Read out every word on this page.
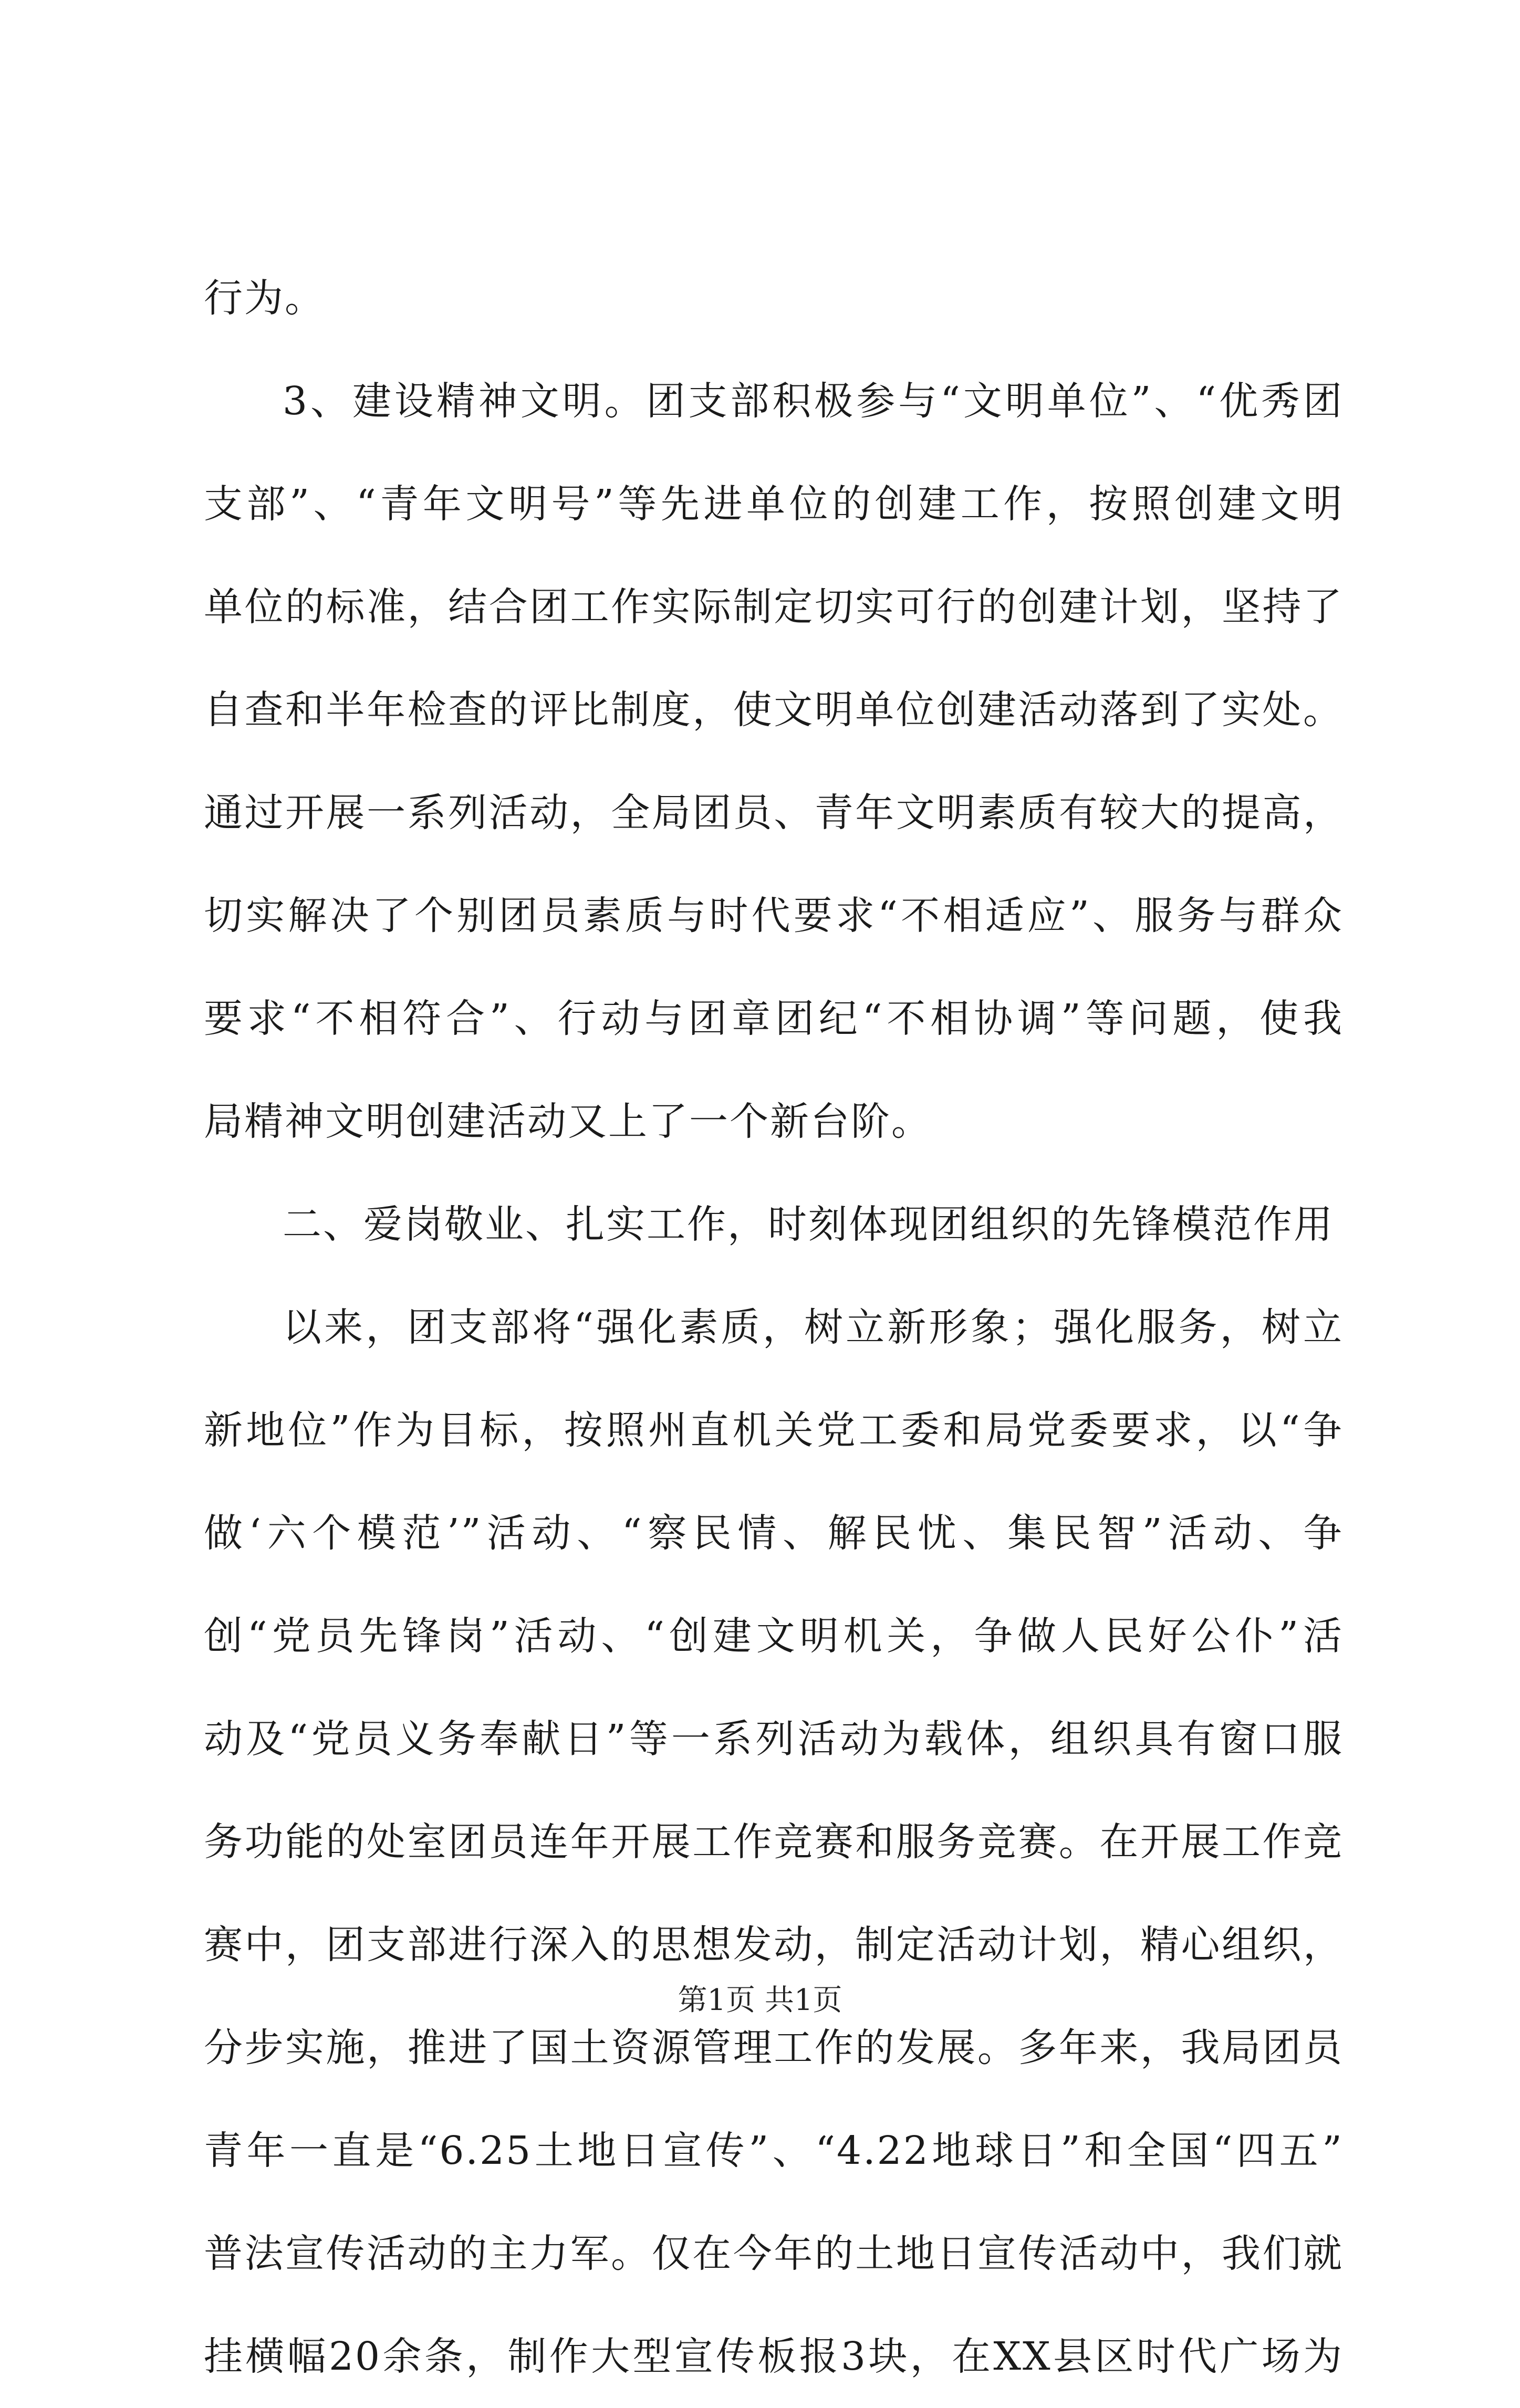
行为。
3、建设精神文明。团支部积极参与“文明单位”、“优秀团
支部”、“青年文明号”等先进单位的创建工作，按照创建文明
单位的标准，结合团工作实际制定切实可行的创建计划，坚持了
自查和半年检查的评比制度，使文明单位创建活动落到了实处。
通过开展一系列活动，全局团员、青年文明素质有较大的提高，
切实解决了个别团员素质与时代要求“不相适应”、服务与群众
要求“不相符合”、行动与团章团纪“不相协调”等问题，使我
局精神文明创建活动又上了一个新台阶。
二、爱岗敬业、扎实工作，时刻体现团组织的先锋模范作用
以来，团支部将“强化素质，树立新形象；强化服务，树立
新地位”作为目标，按照州直机关党工委和局党委要求，以“争
做‘六个模范’”活动、“察民情、解民忧、集民智”活动、争
创“党员先锋岗”活动、“创建文明机关，争做人民好公仆”活
动及“党员义务奉献日”等一系列活动为载体，组织具有窗口服
务功能的处室团员连年开展工作竞赛和服务竞赛。在开展工作竞
赛中，团支部进行深入的思想发动，制定活动计划，精心组织，
分步实施，推进了国土资源管理工作的发展。多年来，我局团员
青年一直是“6.25土地日宣传”、“4.22地球日”和全国“四五”
普法宣传活动的主力军。仅在今年的土地日宣传活动中，我们就
挂横幅20余条，制作大型宣传板报3块，在XX县区时代广场为
第1页 共1页
